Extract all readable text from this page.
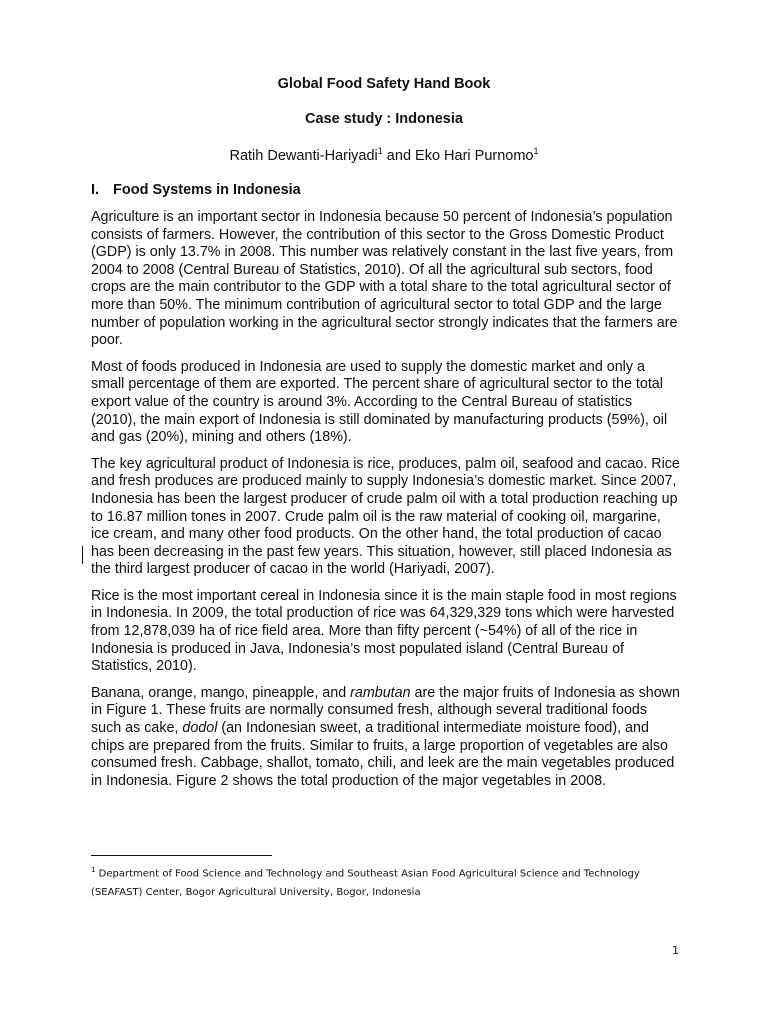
Global Food Safety Hand Book
Case study : Indonesia

Ratih Dewanti-Hariyadi$^1$ and Eko Hari Purnomo$^1$

I. Food Systems in Indonesia

Agriculture is an important sector in Indonesia because 50 percent of Indonesia’s population consists of farmers. However, the contribution of this sector to the Gross Domestic Product (GDP) is only 13.7% in 2008. This number was relatively constant in the last five years, from 2004 to 2008 (Central Bureau of Statistics, 2010). Of all the agricultural sub sectors, food crops are the main contributor to the GDP with a total share to the total agricultural sector of more than 50%. The minimum contribution of agricultural sector to total GDP and the large number of population working in the agricultural sector strongly indicates that the farmers are poor.

Most of foods produced in Indonesia are used to supply the domestic market and only a small percentage of them are exported. The percent share of agricultural sector to the total export value of the country is around 3%. According to the Central Bureau of statistics (2010), the main export of Indonesia is still dominated by manufacturing products (59%), oil and gas (20%), mining and others (18%).

The key agricultural product of Indonesia is rice, produces, palm oil, seafood and cacao. Rice and fresh produces are produced mainly to supply Indonesia’s domestic market. Since 2007, Indonesia has been the largest producer of crude palm oil with a total production reaching up to 16.87 million tones in 2007. Crude palm oil is the raw material of cooking oil, margarine, ice cream, and many other food products. On the other hand, the total production of cacao has been decreasing in the past few years. This situation, however, still placed Indonesia as the third largest producer of cacao in the world (Hariyadi, 2007).

Rice is the most important cereal in Indonesia since it is the main staple food in most regions in Indonesia. In 2009, the total production of rice was 64,329,329 tons which were harvested from 12,878,039 ha of rice field area. More than fifty percent (~54%) of all of the rice in Indonesia is produced in Java, Indonesia’s most populated island (Central Bureau of Statistics, 2010).

Banana, orange, mango, pineapple, and rambutan are the major fruits of Indonesia as shown in Figure 1. These fruits are normally consumed fresh, although several traditional foods such as cake, dodol (an Indonesian sweet, a traditional intermediate moisture food), and chips are prepared from the fruits. Similar to fruits, a large proportion of vegetables are also consumed fresh. Cabbage, shallot, tomato, chili, and leek are the main vegetables produced in Indonesia. Figure 2 shows the total production of the major vegetables in 2008.

$^1$ Department of Food Science and Technology and Southeast Asian Food Agricultural Science and Technology (SEAFAST) Center, Bogor Agricultural University, Bogor, Indonesia

1
